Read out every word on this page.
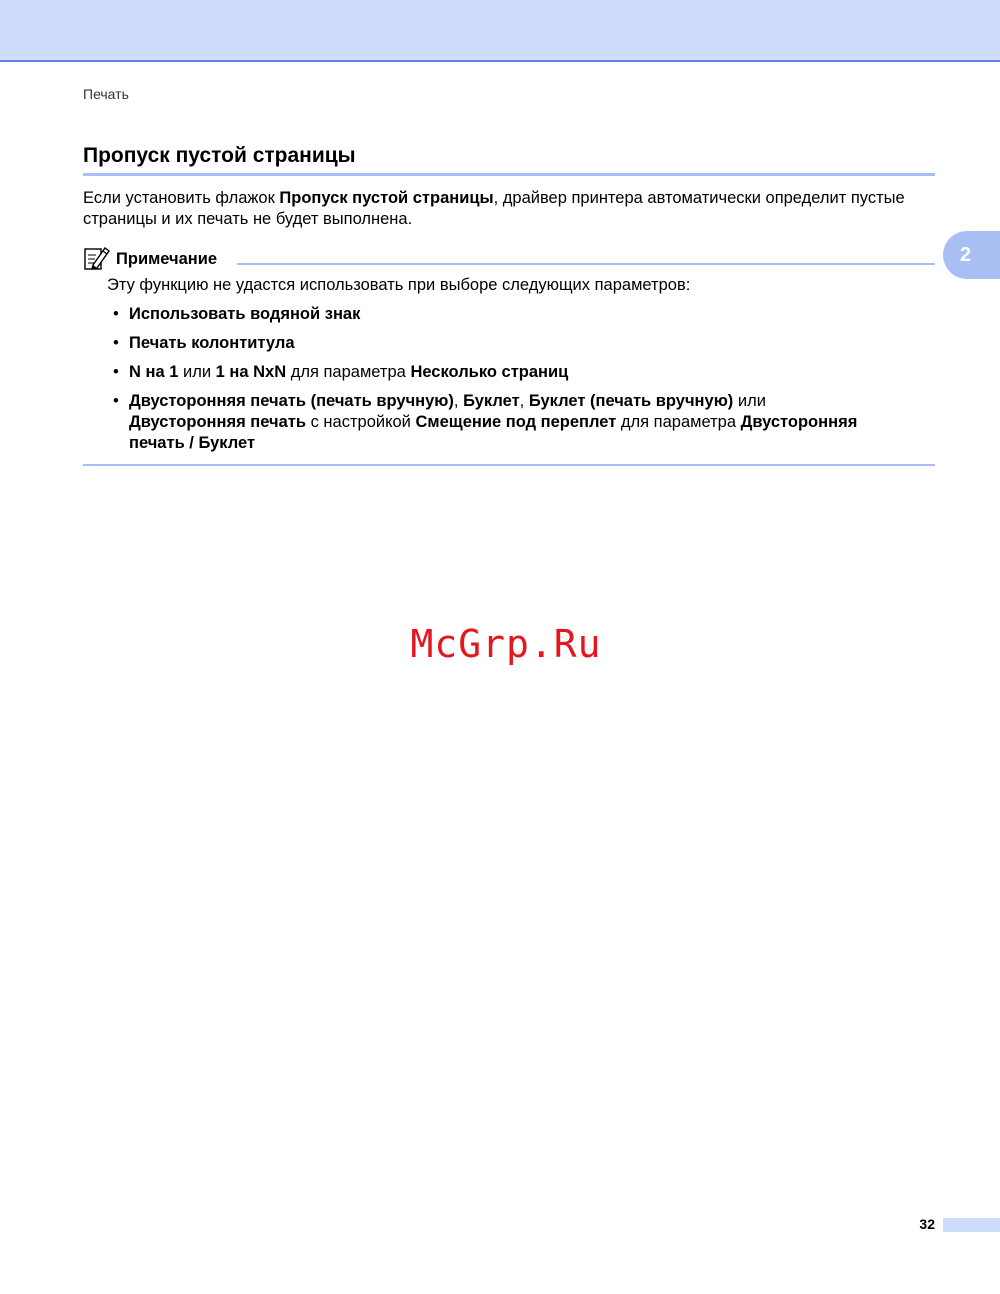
Печать
Пропуск пустой страницы

Если установить флажок Пропуск пустой страницы, драйвер принтера автоматически определит пустые страницы и их печать не будет выполнена.

2
Примечание

Эту функцию не удастся использовать при выборе следующих параметров:

• Использовать водяной знак
• Печать колонтитула
• N на 1 или 1 на NxN для параметра Несколько страниц
• Двусторонняя печать (печать вручную), Буклет, Буклет (печать вручную) или Двусторонняя печать с настройкой Смещение под переплет для параметра Двусторонняя печать / Буклет
McGrp.Ru
32
